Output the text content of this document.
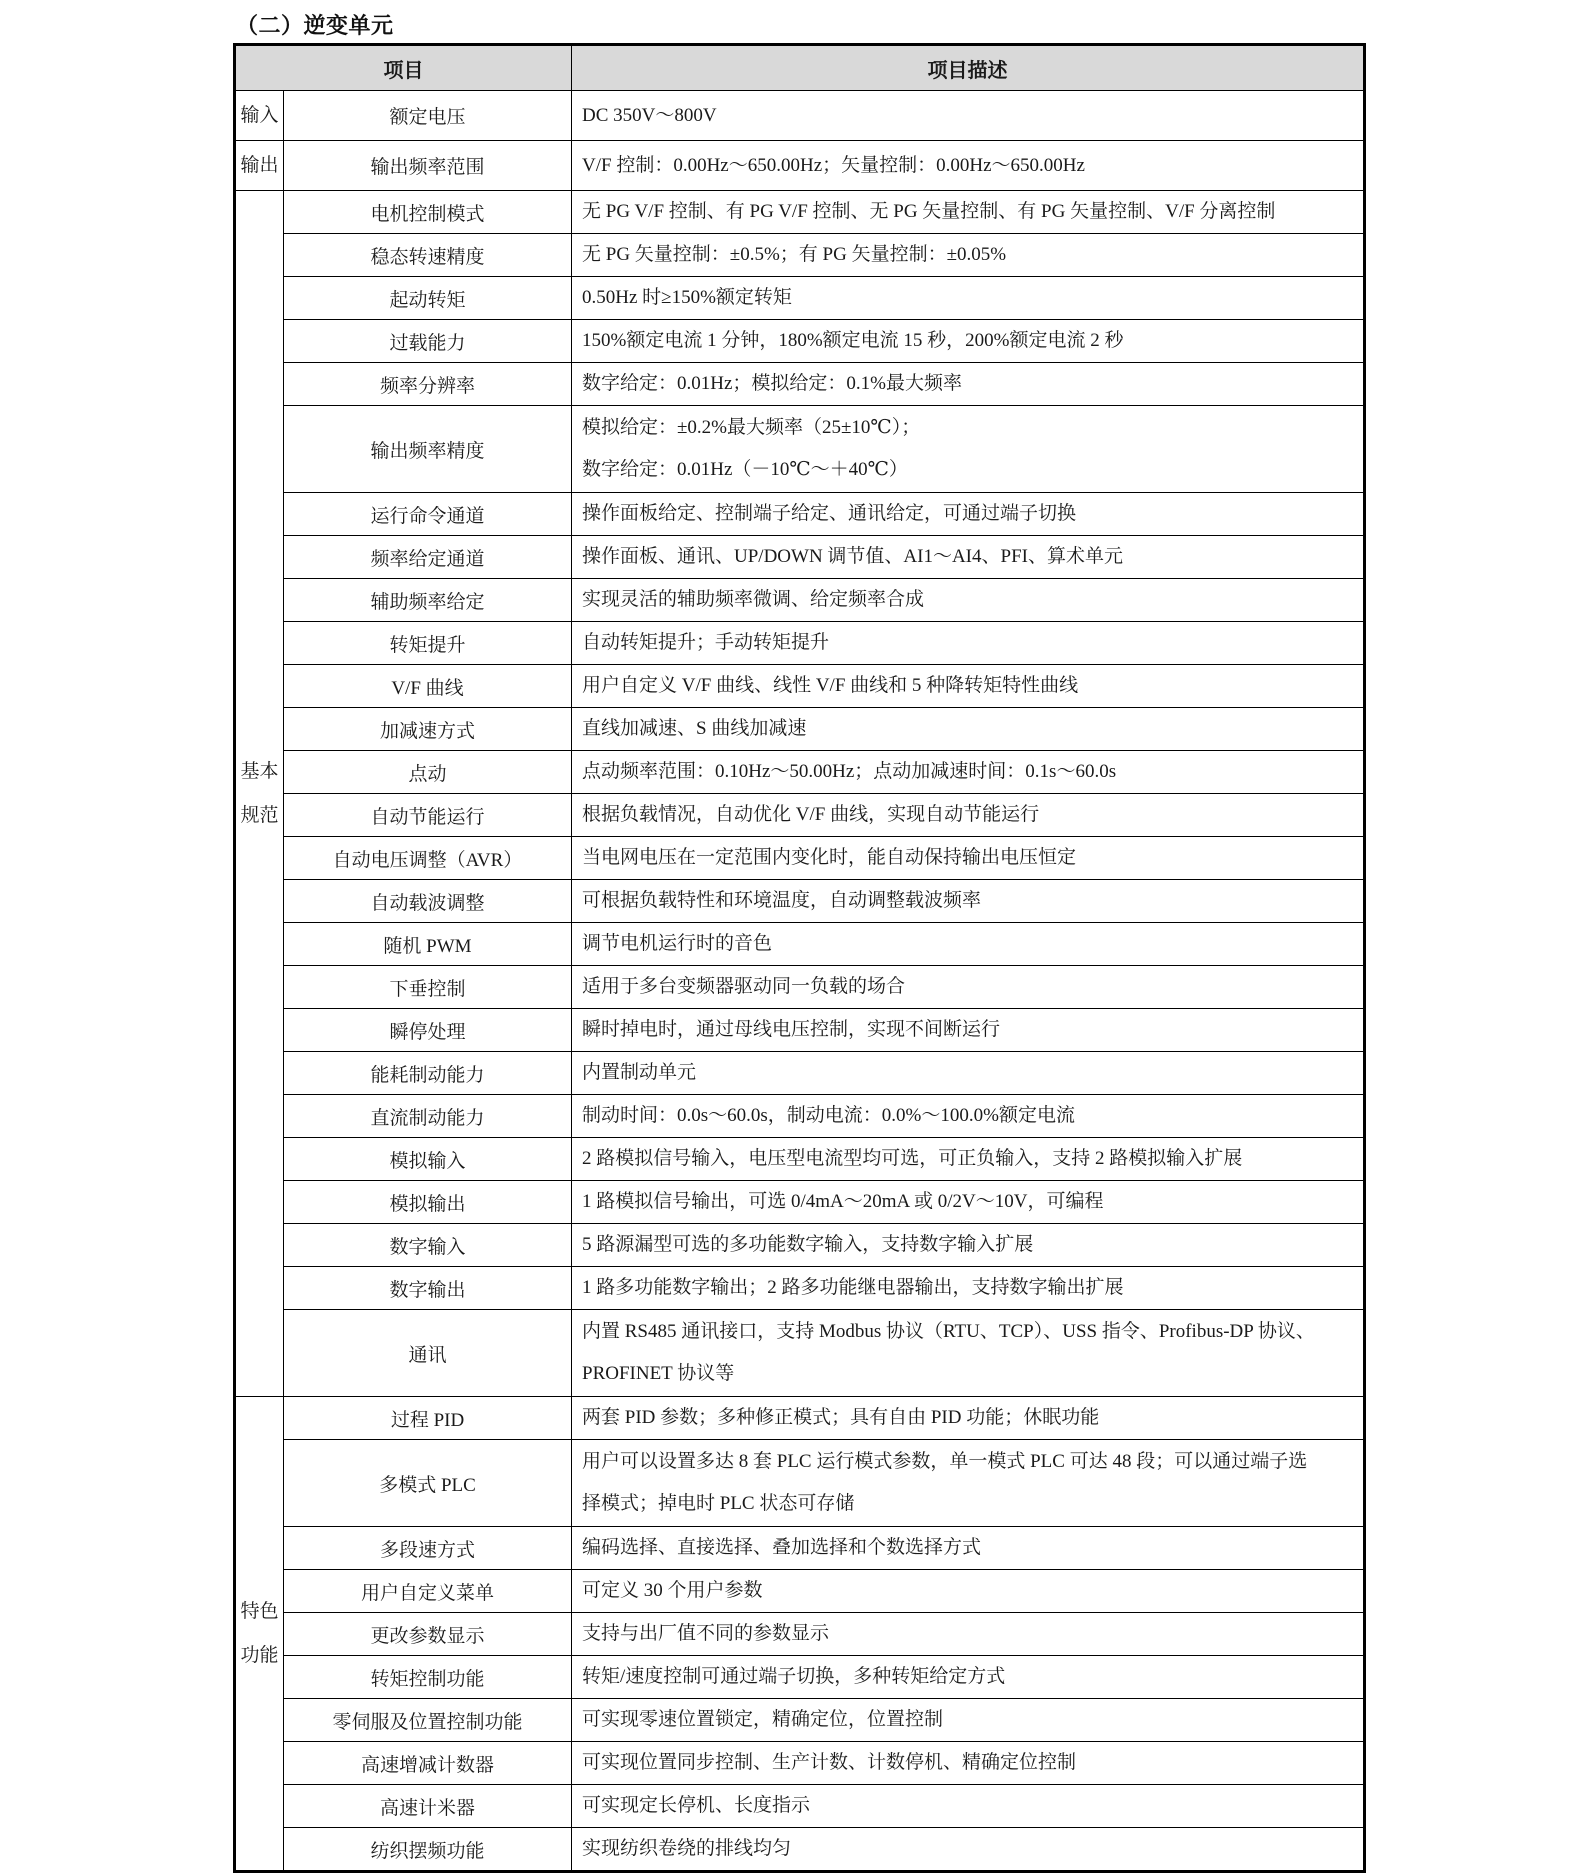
（二）逆变单元
项目		项目描述

输入	额定电压	DC 350V～800V

输出	输出频率范围	V/F 控制：0.00Hz～650.00Hz；矢量控制：0.00Hz～650.00Hz

基本
规范	电机控制模式	无 PG V/F 控制、有 PG V/F 控制、无 PG 矢量控制、有 PG 矢量控制、V/F 分离控制

	稳态转速精度	无 PG 矢量控制：±0.5%；有 PG 矢量控制：±0.05%

	起动转矩	0.50Hz 时≥150%额定转矩

	过载能力	150%额定电流 1 分钟，180%额定电流 15 秒，200%额定电流 2 秒

	频率分辨率	数字给定：0.01Hz；模拟给定：0.1%最大频率

	输出频率精度	模拟给定：±0.2%最大频率（25±10℃）；
数字给定：0.01Hz（－10℃～＋40℃）

	运行命令通道	操作面板给定、控制端子给定、通讯给定，可通过端子切换

	频率给定通道	操作面板、通讯、UP/DOWN 调节值、AI1～AI4、PFI、算术单元

	辅助频率给定	实现灵活的辅助频率微调、给定频率合成

	转矩提升	自动转矩提升；手动转矩提升

	V/F 曲线	用户自定义 V/F 曲线、线性 V/F 曲线和 5 种降转矩特性曲线

	加减速方式	直线加减速、S 曲线加减速

	点动	点动频率范围：0.10Hz～50.00Hz；点动加减速时间：0.1s～60.0s

	自动节能运行	根据负载情况，自动优化 V/F 曲线，实现自动节能运行

	自动电压调整（AVR）	当电网电压在一定范围内变化时，能自动保持输出电压恒定

	自动载波调整	可根据负载特性和环境温度，自动调整载波频率

	随机 PWM	调节电机运行时的音色

	下垂控制	适用于多台变频器驱动同一负载的场合

	瞬停处理	瞬时掉电时，通过母线电压控制，实现不间断运行

	能耗制动能力	内置制动单元

	直流制动能力	制动时间：0.0s～60.0s，制动电流：0.0%～100.0%额定电流

	模拟输入	2 路模拟信号输入，电压型电流型均可选，可正负输入，支持 2 路模拟输入扩展

	模拟输出	1 路模拟信号输出，可选 0/4mA～20mA 或 0/2V～10V，可编程

	数字输入	5 路源漏型可选的多功能数字输入，支持数字输入扩展

	数字输出	1 路多功能数字输出；2 路多功能继电器输出，支持数字输出扩展

	通讯	内置 RS485 通讯接口，支持 Modbus 协议（RTU、TCP）、USS 指令、Profibus-DP 协议、
PROFINET 协议等

特色
功能	过程 PID	两套 PID 参数；多种修正模式；具有自由 PID 功能；休眠功能

	多模式 PLC	用户可以设置多达 8 套 PLC 运行模式参数，单一模式 PLC 可达 48 段；可以通过端子选
择模式；掉电时 PLC 状态可存储

	多段速方式	编码选择、直接选择、叠加选择和个数选择方式

	用户自定义菜单	可定义 30 个用户参数

	更改参数显示	支持与出厂值不同的参数显示

	转矩控制功能	转矩/速度控制可通过端子切换，多种转矩给定方式

	零伺服及位置控制功能	可实现零速位置锁定，精确定位，位置控制

	高速增减计数器	可实现位置同步控制、生产计数、计数停机、精确定位控制

	高速计米器	可实现定长停机、长度指示

	纺织摆频功能	实现纺织卷绕的排线均匀
